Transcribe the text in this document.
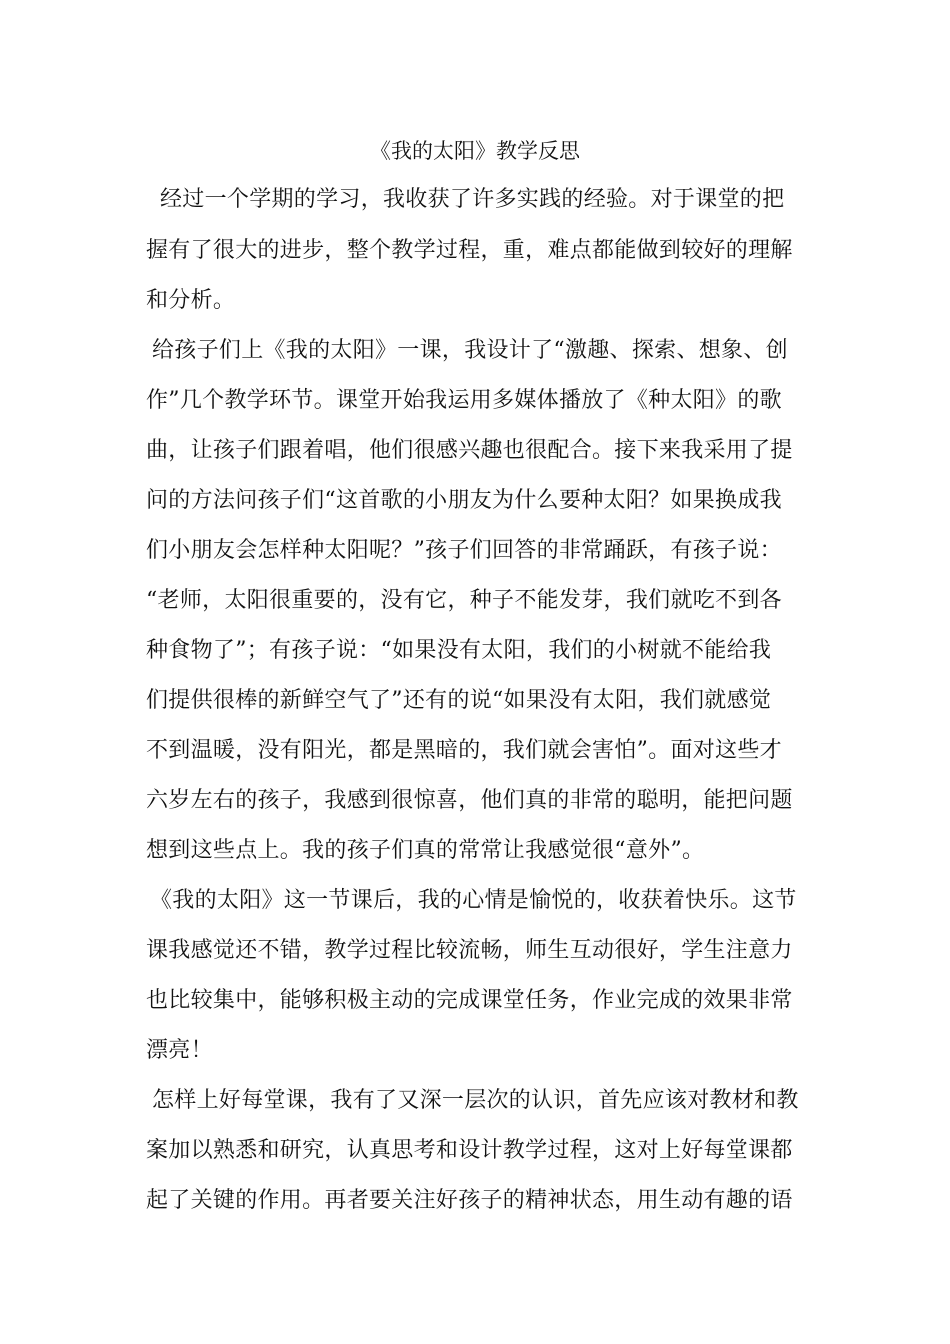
《我的太阳》教学反思
经过一个学期的学习，我收获了许多实践的经验。对于课堂的把
握有了很大的进步，整个教学过程，重，难点都能做到较好的理解
和分析。
给孩子们上《我的太阳》一课，我设计了“激趣、探索、想象、创
作”几个教学环节。课堂开始我运用多媒体播放了《种太阳》的歌
曲，让孩子们跟着唱，他们很感兴趣也很配合。接下来我采用了提
问的方法问孩子们“这首歌的小朋友为什么要种太阳？如果换成我
们小朋友会怎样种太阳呢？”孩子们回答的非常踊跃，有孩子说：
“老师，太阳很重要的，没有它，种子不能发芽，我们就吃不到各
种食物了”；有孩子说：“如果没有太阳，我们的小树就不能给我
们提供很棒的新鲜空气了”还有的说“如果没有太阳，我们就感觉
不到温暖，没有阳光，都是黑暗的，我们就会害怕”。面对这些才
六岁左右的孩子，我感到很惊喜，他们真的非常的聪明，能把问题
想到这些点上。我的孩子们真的常常让我感觉很“意外”。
《我的太阳》这一节课后，我的心情是愉悦的，收获着快乐。这节
课我感觉还不错，教学过程比较流畅，师生互动很好，学生注意力
也比较集中，能够积极主动的完成课堂任务，作业完成的效果非常
漂亮！
怎样上好每堂课，我有了又深一层次的认识，首先应该对教材和教
案加以熟悉和研究，认真思考和设计教学过程，这对上好每堂课都
起了关键的作用。再者要关注好孩子的精神状态，用生动有趣的语
